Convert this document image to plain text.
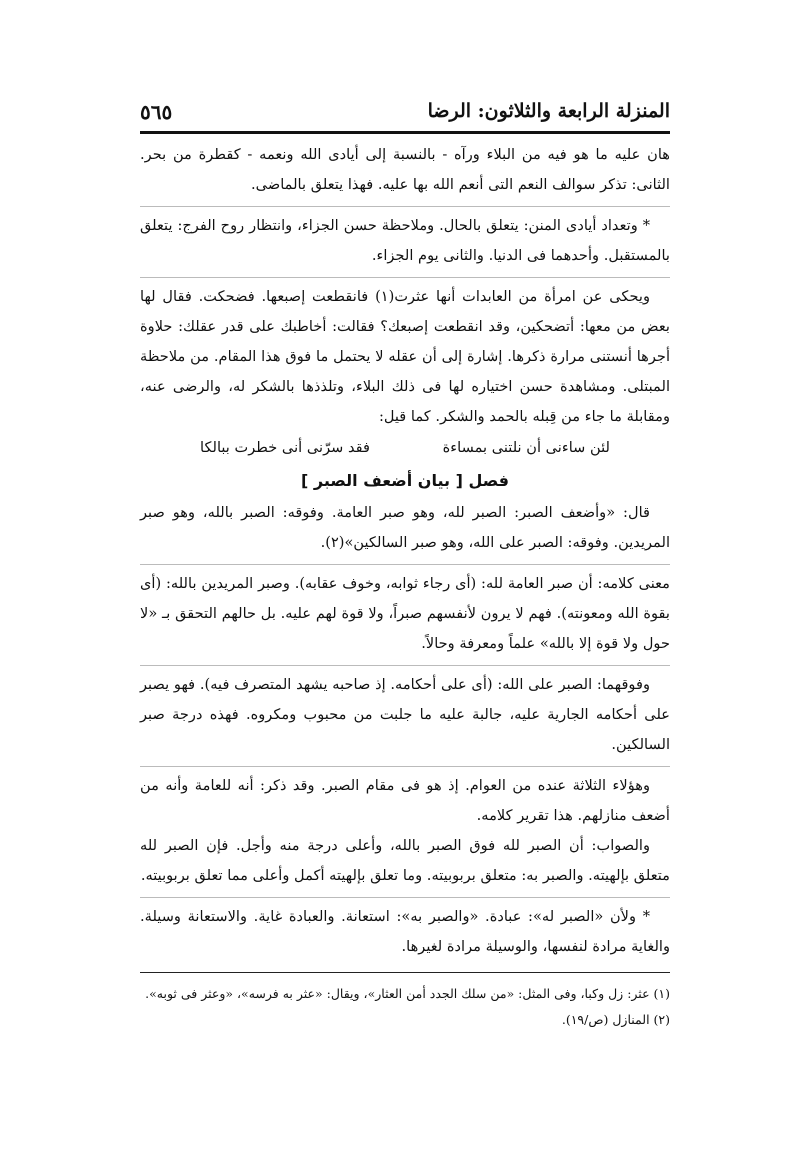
المنزلة الرابعة والثلاثون: الرضا
٥٦٥

هان عليه ما هو فيه من البلاء ورآه - بالنسبة إلى أيادى الله ونعمه - كقطرة من بحر. الثانى: تذكر سوالف النعم التى أنعم الله بها عليه. فهذا يتعلق بالماضى.

* وتعداد أيادى المنن: يتعلق بالحال. وملاحظة حسن الجزاء، وانتظار روح الفرج: يتعلق بالمستقبل. وأحدهما فى الدنيا. والثانى يوم الجزاء.

ويحكى عن امرأة من العابدات أنها عثرت(١) فانقطعت إصبعها. فضحكت. فقال لها بعض من معها: أتضحكين، وقد انقطعت إصبعك؟ فقالت: أخاطبك على قدر عقلك: حلاوة أجرها أنستنى مرارة ذكرها. إشارة إلى أن عقله لا يحتمل ما فوق هذا المقام. من ملاحظة المبتلى. ومشاهدة حسن اختياره لها فى ذلك البلاء، وتلذذها بالشكر له، والرضى عنه، ومقابلة ما جاء من قِبله بالحمد والشكر. كما قيل:

لئن ساءنى أن نلتنى بمساءة
فقد سرّنى أنى خطرت ببالكا
فصل [ بيان أضعف الصبر ]

قال: «وأضعف الصبر: الصبر لله، وهو صبر العامة. وفوقه: الصبر بالله، وهو صبر المريدين. وفوقه: الصبر على الله، وهو صبر السالكين»(٢).

معنى كلامه: أن صبر العامة لله: (أى رجاء ثوابه، وخوف عقابه). وصبر المريدين بالله: (أى بقوة الله ومعونته). فهم لا يرون لأنفسهم صبراً، ولا قوة لهم عليه. بل حالهم التحقق بـ «لا حول ولا قوة إلا بالله» علماً ومعرفة وحالاً.

وفوقهما: الصبر على الله: (أى على أحكامه. إذ صاحبه يشهد المتصرف فيه). فهو يصبر على أحكامه الجارية عليه، جالبة عليه ما جلبت من محبوب ومكروه. فهذه درجة صبر السالكين.

وهؤلاء الثلاثة عنده من العوام. إذ هو فى مقام الصبر. وقد ذكر: أنه للعامة وأنه من أضعف منازلهم. هذا تقرير كلامه.

والصواب: أن الصبر لله فوق الصبر بالله، وأعلى درجة منه وأجل. فإن الصبر لله متعلق بإلهيته. والصبر به: متعلق بربوبيته. وما تعلق بإلهيته أكمل وأعلى مما تعلق بربوبيته.

* ولأن «الصبر له»: عبادة. «والصبر به»: استعانة. والعبادة غاية. والاستعانة وسيلة. والغاية مرادة لنفسها، والوسيلة مرادة لغيرها.

(١) عثر: زل وكبا، وفى المثل: «من سلك الجدد أمن العثار»، ويقال: «عثر به فرسه»، «وعثر فى ثوبه».

(٢) المنازل (ص/١٩).
